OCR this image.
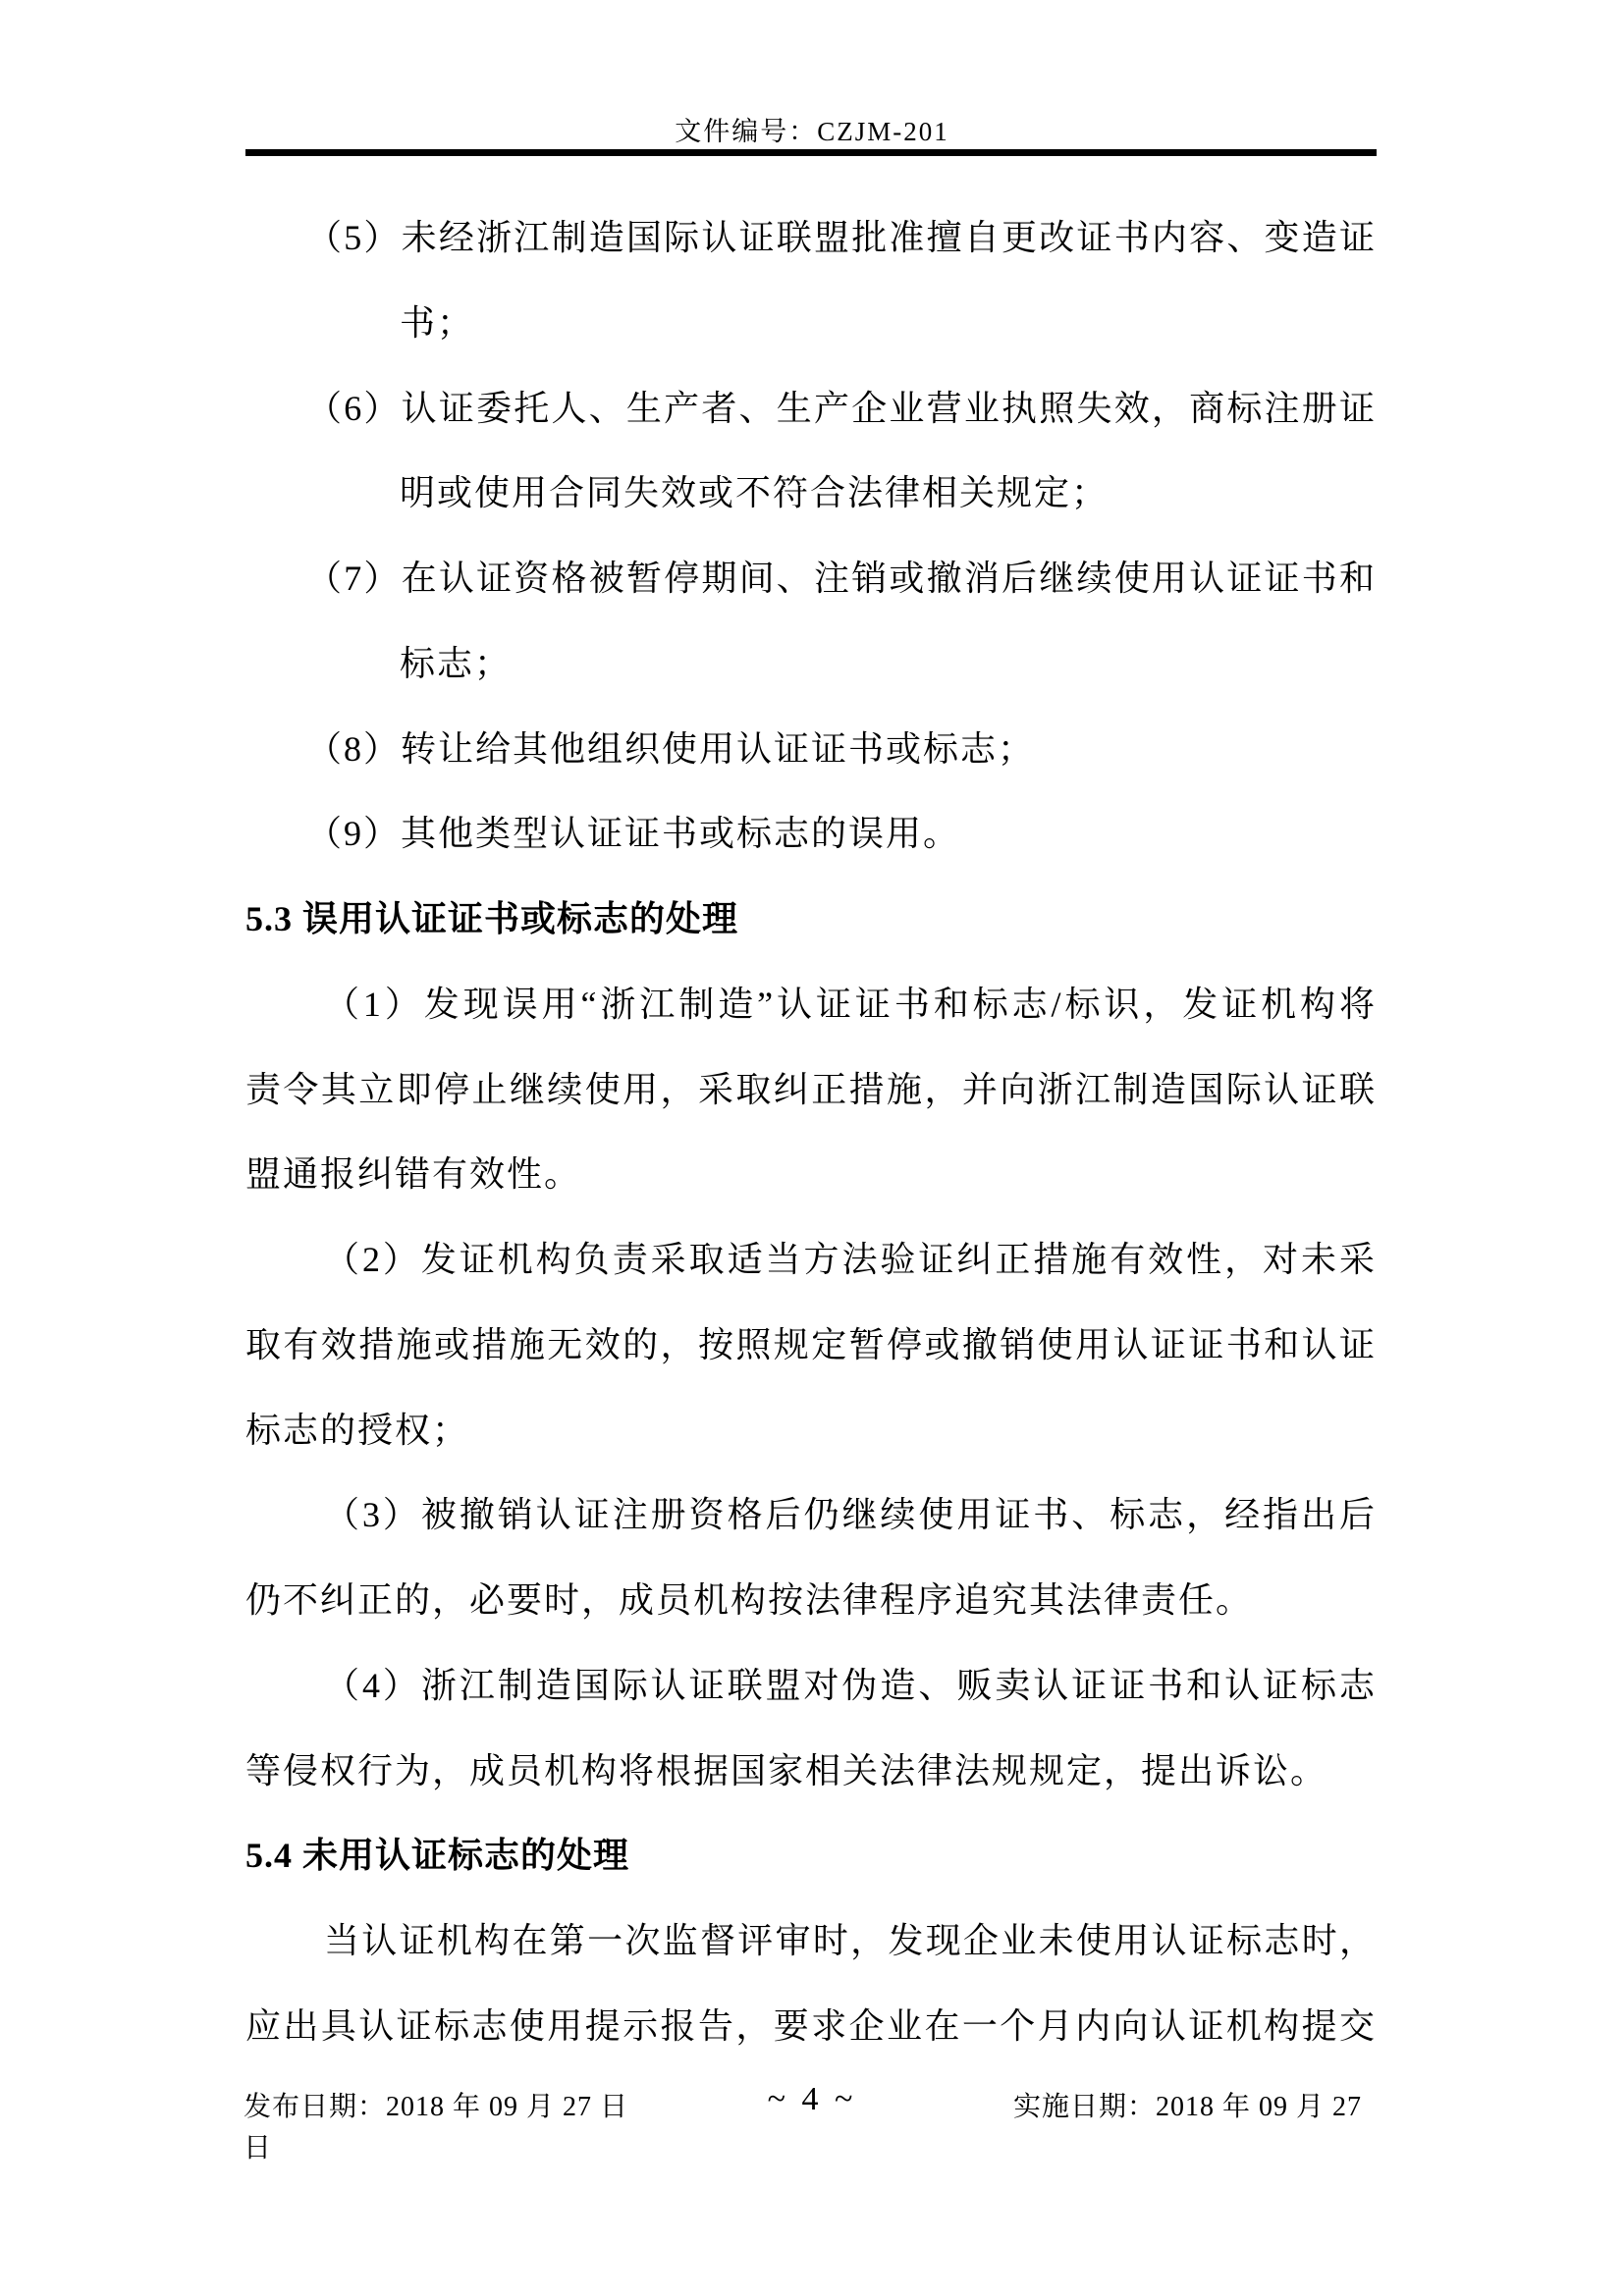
文件编号：CZJM-201
（5）未经浙江制造国际认证联盟批准擅自更改证书内容、变造证
书；
（6）认证委托人、生产者、生产企业营业执照失效，商标注册证
明或使用合同失效或不符合法律相关规定；
（7）在认证资格被暂停期间、注销或撤消后继续使用认证证书和
标志；
（8）转让给其他组织使用认证证书或标志；
（9）其他类型认证证书或标志的误用。
5.3 误用认证证书或标志的处理
（1）发现误用“浙江制造”认证证书和标志/标识，发证机构将
责令其立即停止继续使用，采取纠正措施，并向浙江制造国际认证联
盟通报纠错有效性。
（2）发证机构负责采取适当方法验证纠正措施有效性，对未采
取有效措施或措施无效的，按照规定暂停或撤销使用认证证书和认证
标志的授权；
（3）被撤销认证注册资格后仍继续使用证书、标志，经指出后
仍不纠正的，必要时，成员机构按法律程序追究其法律责任。
（4）浙江制造国际认证联盟对伪造、贩卖认证证书和认证标志
等侵权行为，成员机构将根据国家相关法律法规规定，提出诉讼。
5.4 未用认证标志的处理
当认证机构在第一次监督评审时，发现企业未使用认证标志时，
应出具认证标志使用提示报告，要求企业在一个月内向认证机构提交
发布日期：2018 年 09 月 27 日	~ 4 ~	实施日期：2018 年 09 月 27
日
